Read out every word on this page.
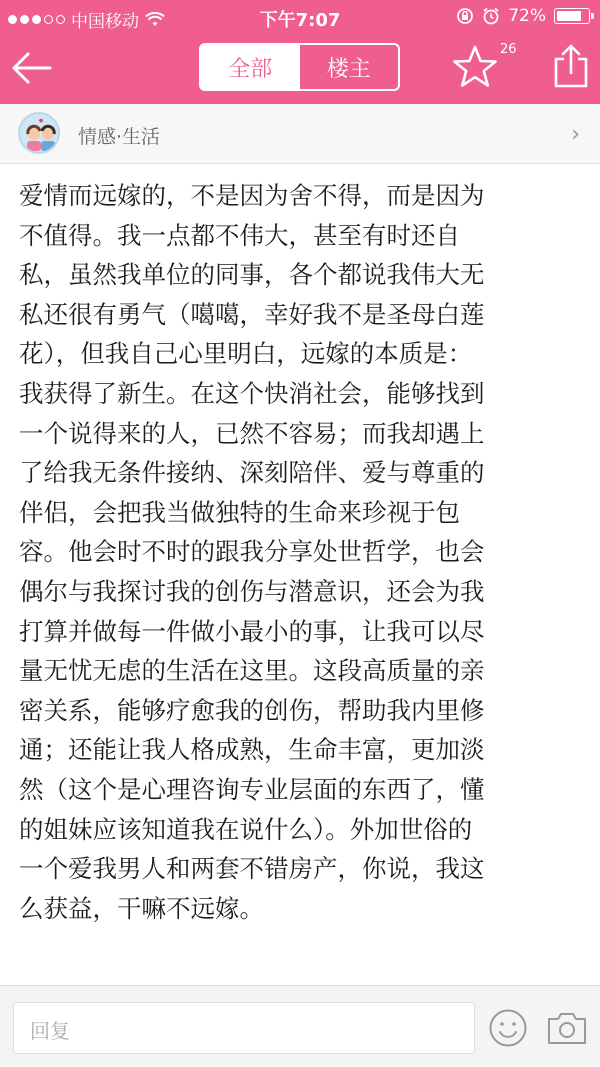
中国移动	下午7:07	72%
全部	楼主
26
情感·生活	›
爱情而远嫁的，不是因为舍不得，而是因为
不值得。我一点都不伟大，甚至有时还自
私，虽然我单位的同事，各个都说我伟大无
私还很有勇气（噶噶，幸好我不是圣母白莲
花），但我自己心里明白，远嫁的本质是：
我获得了新生。在这个快消社会，能够找到
一个说得来的人，已然不容易；而我却遇上
了给我无条件接纳、深刻陪伴、爱与尊重的
伴侣，会把我当做独特的生命来珍视于包
容。他会时不时的跟我分享处世哲学，也会
偶尔与我探讨我的创伤与潜意识，还会为我
打算并做每一件做小最小的事，让我可以尽
量无忧无虑的生活在这里。这段高质量的亲
密关系，能够疗愈我的创伤，帮助我内里修
通；还能让我人格成熟，生命丰富，更加淡
然（这个是心理咨询专业层面的东西了，懂
的姐妹应该知道我在说什么）。外加世俗的
一个爱我男人和两套不错房产，你说，我这
么获益，干嘛不远嫁。
回复
